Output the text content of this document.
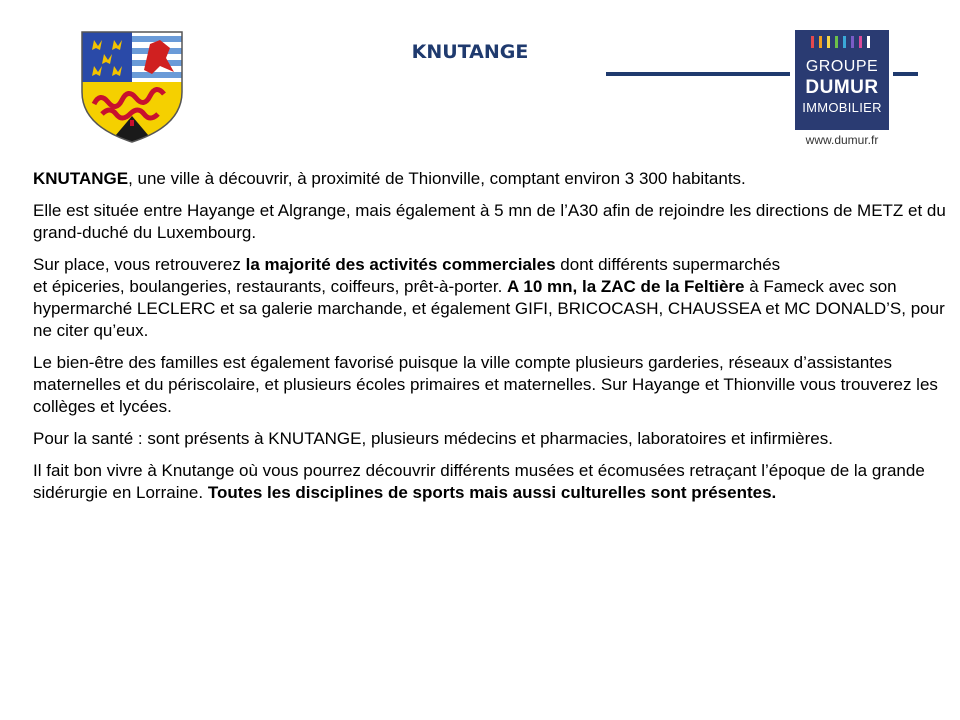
KNUTANGE
GROUPE
DUMUR
IMMOBILIER
www.dumur.fr

KNUTANGE, une ville à découvrir, à proximité de Thionville, comptant environ 3 300 habitants.

Elle est située entre Hayange et Algrange, mais également à 5 mn de l’A30 afin de rejoindre les directions de METZ et du grand-duché du Luxembourg.

Sur place, vous retrouverez la majorité des activités commerciales dont différents supermarchés
et épiceries, boulangeries, restaurants, coiffeurs, prêt-à-porter. A 10 mn, la ZAC de la Feltière à Fameck avec son hypermarché LECLERC et sa galerie marchande, et également GIFI, BRICOCASH, CHAUSSEA et MC DONALD’S, pour ne citer qu’eux.

Le bien-être des familles est également favorisé puisque la ville compte plusieurs garderies, réseaux d’assistantes maternelles et du périscolaire, et plusieurs écoles primaires et maternelles. Sur Hayange et Thionville vous trouverez les collèges et lycées.

Pour la santé : sont présents à KNUTANGE, plusieurs médecins et pharmacies, laboratoires et infirmières.

Il fait bon vivre à Knutange où vous pourrez découvrir différents musées et écomusées retraçant l’époque de la grande sidérurgie en Lorraine. Toutes les disciplines de sports mais aussi culturelles sont présentes.
